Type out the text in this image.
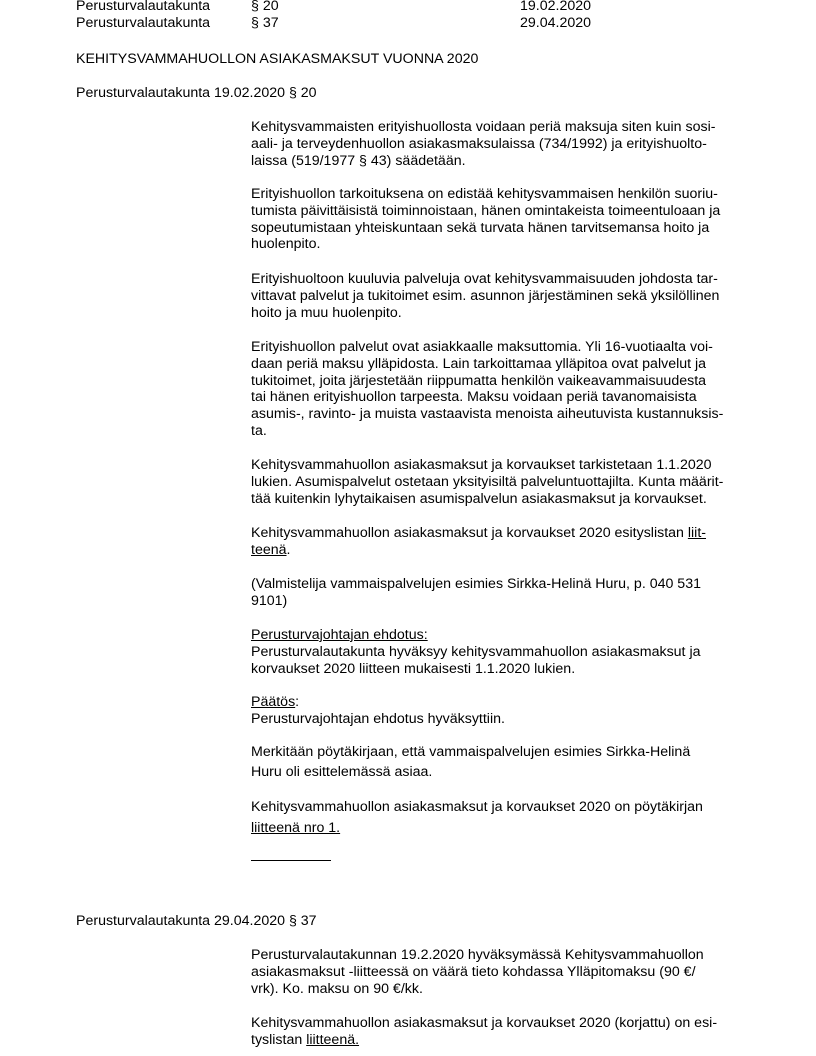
Perusturvalautakunta	§ 20	19.02.2020
Perusturvalautakunta	§ 37	29.04.2020
KEHITYSVAMMAHUOLLON ASIAKASMAKSUT VUONNA 2020
Perusturvalautakunta 19.02.2020 § 20
Kehitysvammaisten erityishuollosta voidaan periä maksuja siten kuin sosi-
aali- ja terveydenhuollon asiakasmaksulaissa (734/1992) ja erityishuolto-
laissa (519/1977 § 43) säädetään.
Erityishuollon tarkoituksena on edistää kehitysvammaisen henkilön suoriu-
tumista päivittäisistä toiminnoistaan, hänen omintakeista toimeentuloaan ja
sopeutumistaan yhteiskuntaan sekä turvata hänen tarvitsemansa hoito ja
huolenpito.
Erityishuoltoon kuuluvia palveluja ovat kehitysvammaisuuden johdosta tar-
vittavat palvelut ja tukitoimet esim. asunnon järjestäminen sekä yksilöllinen
hoito ja muu huolenpito.
Erityishuollon palvelut ovat asiakkaalle maksuttomia. Yli 16-vuotiaalta voi-
daan periä maksu ylläpidosta. Lain tarkoittamaa ylläpitoa ovat palvelut ja
tukitoimet, joita järjestetään riippumatta henkilön vaikeavammaisuudesta
tai hänen erityishuollon tarpeesta. Maksu voidaan periä tavanomaisista
asumis-, ravinto- ja muista vastaavista menoista aiheutuvista kustannuksis-
ta.
Kehitysvammahuollon asiakasmaksut ja korvaukset tarkistetaan 1.1.2020
lukien. Asumispalvelut ostetaan yksityisiltä palveluntuottajilta. Kunta määrit-
tää kuitenkin lyhytaikaisen asumispalvelun asiakasmaksut ja korvaukset.
Kehitysvammahuollon asiakasmaksut ja korvaukset 2020 esityslistan liit-
teenä.
(Valmistelija vammaispalvelujen esimies Sirkka-Helinä Huru, p. 040 531
9101)
Perusturvajohtajan ehdotus:
Perusturvalautakunta hyväksyy kehitysvammahuollon asiakasmaksut ja
korvaukset 2020 liitteen mukaisesti 1.1.2020 lukien.
Päätös:
Perusturvajohtajan ehdotus hyväksyttiin.
Merkitään pöytäkirjaan, että vammaispalvelujen esimies Sirkka-Helinä
Huru oli esittelemässä asiaa.
Kehitysvammahuollon asiakasmaksut ja korvaukset 2020 on pöytäkirjan
liitteenä nro 1.
Perusturvalautakunta 29.04.2020 § 37
Perusturvalautakunnan 19.2.2020 hyväksymässä Kehitysvammahuollon
asiakasmaksut -liitteessä on väärä tieto kohdassa Ylläpitomaksu (90 €/
vrk). Ko. maksu on 90 €/kk.
Kehitysvammahuollon asiakasmaksut ja korvaukset 2020 (korjattu) on esi-
tyslistan liitteenä.
